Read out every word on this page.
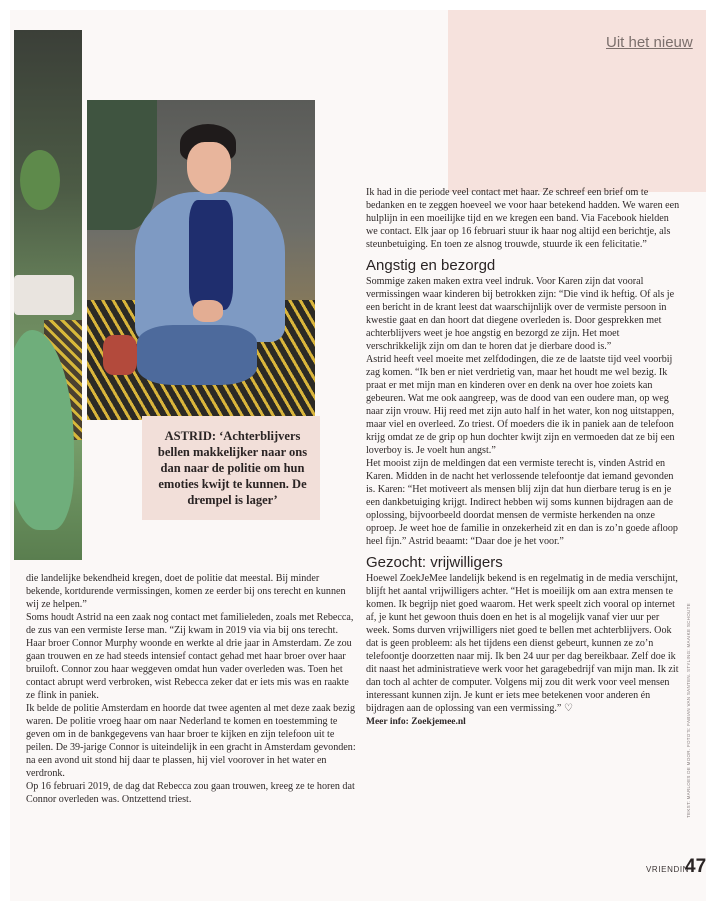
Uit het nieuw
ASTRID: ‘Achterblijvers bellen makkelijker naar ons dan naar de politie om hun emoties kwijt te kunnen. De drempel is lager’

Ik had in die periode veel contact met haar. Ze schreef een brief om te bedanken en te zeggen hoeveel we voor haar betekend hadden. We waren een hulplijn in een moeilijke tijd en we kregen een band. Via Facebook hielden we contact. Elk jaar op 16 februari stuur ik haar nog altijd een berichtje, als steunbetuiging. En toen ze alsnog trouwde, stuurde ik een felicitatie.”

Angstig en bezorgd

Sommige zaken maken extra veel indruk. Voor Karen zijn dat vooral vermissingen waar kinderen bij betrokken zijn: “Die vind ik heftig. Of als je een bericht in de krant leest dat waarschijnlijk over de vermiste persoon in kwestie gaat en dan hoort dat diegene overleden is. Door gesprekken met achterblijvers weet je hoe angstig en bezorgd ze zijn. Het moet verschrikkelijk zijn om dan te horen dat je dierbare dood is.”

Astrid heeft veel moeite met zelfdodingen, die ze de laatste tijd veel voorbij zag komen. “Ik ben er niet verdrietig van, maar het houdt me wel bezig. Ik praat er met mijn man en kinderen over en denk na over hoe zoiets kan gebeuren. Wat me ook aangreep, was de dood van een oudere man, op weg naar zijn vrouw. Hij reed met zijn auto half in het water, kon nog uitstappen, maar viel en overleed. Zo triest. Of moeders die ik in paniek aan de telefoon krijg omdat ze de grip op hun dochter kwijt zijn en vermoeden dat ze bij een loverboy is. Je voelt hun angst.”

Het mooist zijn de meldingen dat een vermiste terecht is, vinden Astrid en Karen. Midden in de nacht het verlossende telefoontje dat iemand gevonden is. Karen: “Het motiveert als mensen blij zijn dat hun dierbare terug is en je een dankbetuiging krijgt. Indirect hebben wij soms kunnen bijdragen aan de oplossing, bijvoorbeeld doordat mensen de vermiste herkenden na onze oproep. Je weet hoe de familie in onzekerheid zit en dan is zo’n goede afloop heel fijn.” Astrid beaamt: “Daar doe je het voor.”

Gezocht: vrijwilligers

Hoewel ZoekJeMee landelijk bekend is en regelmatig in de media verschijnt, blijft het aantal vrijwilligers achter. “Het is moeilijk om aan extra mensen te komen. Ik begrijp niet goed waarom. Het werk speelt zich vooral op internet af, je kunt het gewoon thuis doen en het is al mogelijk vanaf vier uur per week. Soms durven vrijwilligers niet goed te bellen met achterblijvers. Ook dat is geen probleem: als het tijdens een dienst gebeurt, kunnen ze zo’n telefoontje doorzetten naar mij. Ik ben 24 uur per dag bereikbaar. Zelf doe ik dit naast het administratieve werk voor het garagebedrijf van mijn man. Ik zit dan toch al achter de computer. Volgens mij zou dit werk voor veel mensen interessant kunnen zijn. Je kunt er iets mee betekenen voor anderen én bijdragen aan de oplossing van een vermissing.” ♡

Meer info: Zoekjemee.nl

die landelijke bekendheid kregen, doet de politie dat meestal. Bij minder bekende, kortdurende vermissingen, komen ze eerder bij ons terecht en kunnen wij ze helpen.”

Soms houdt Astrid na een zaak nog contact met familieleden, zoals met Rebecca, de zus van een vermiste Ierse man. “Zij kwam in 2019 via via bij ons terecht. Haar broer Connor Murphy woonde en werkte al drie jaar in Amsterdam. Ze zou gaan trouwen en ze had steeds intensief contact gehad met haar broer over haar bruiloft. Connor zou haar weggeven omdat hun vader overleden was. Toen het contact abrupt werd verbroken, wist Rebecca zeker dat er iets mis was en raakte ze flink in paniek.

Ik belde de politie Amsterdam en hoorde dat twee agenten al met deze zaak bezig waren. De politie vroeg haar om naar Nederland te komen en toestemming te geven om in de bankgegevens van haar broer te kijken en zijn telefoon uit te peilen. De 39-jarige Connor is uiteindelijk in een gracht in Amsterdam gevonden: na een avond uit stond hij daar te plassen, hij viel voorover in het water en verdronk.

Op 16 februari 2019, de dag dat Rebecca zou gaan trouwen, kreeg ze te horen dat Connor overleden was. Ontzettend triest.	TEKST: MARLOES DE MOOR. FOTO'S: FABIAN VAN SANTEN. STYLING: MAAIKE SCHOUTE
VRIENDIN
47
